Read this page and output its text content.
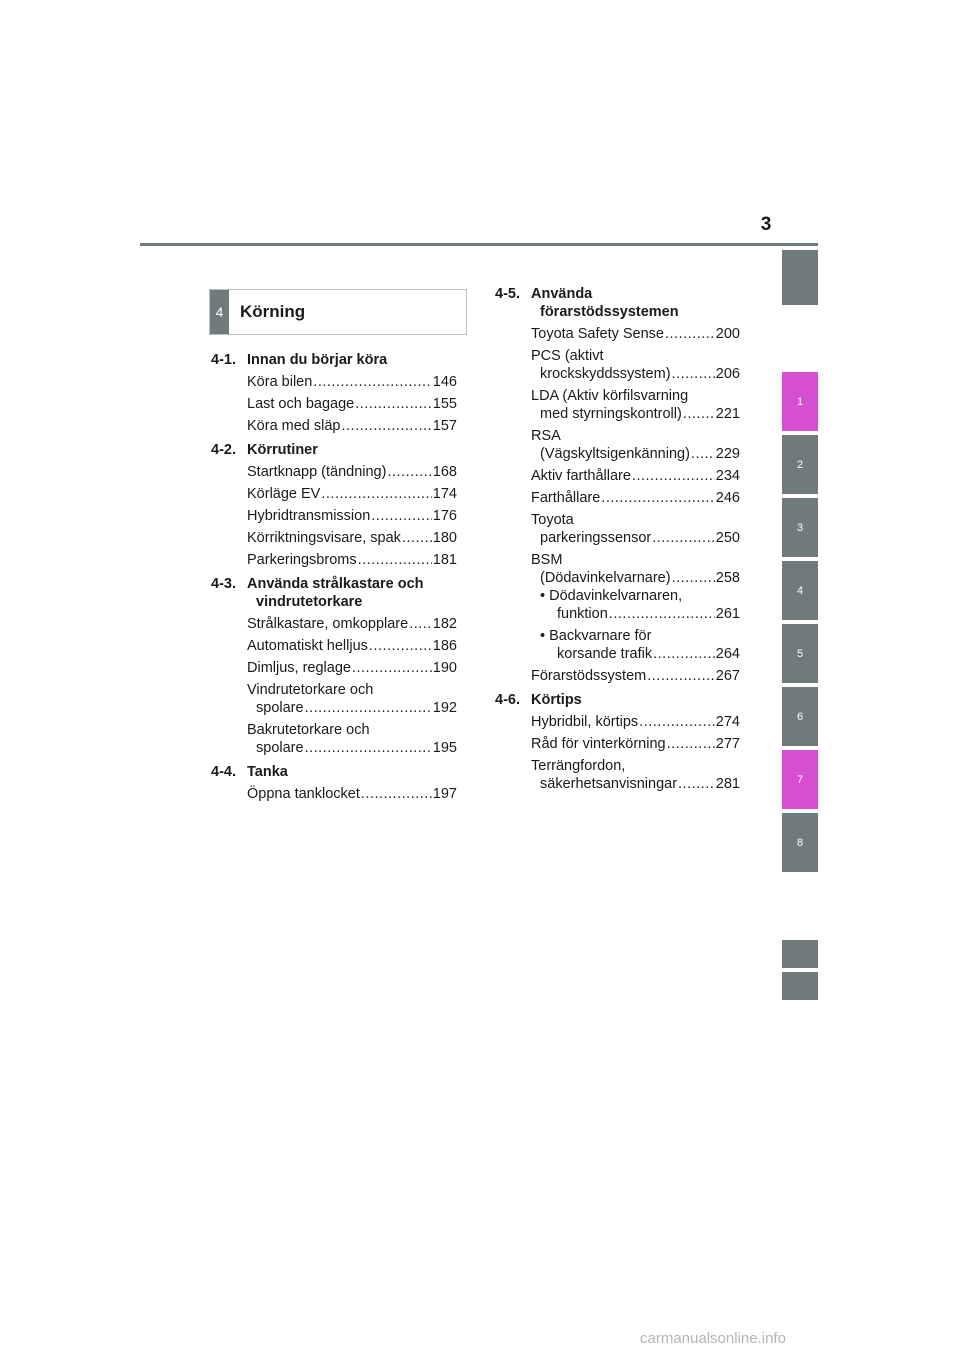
3
1
2
3
4
5
6
7
8
4 Körning
4-1. Innan du börjar köra
Köra bilen .....	146
Last och bagage .....	155
Köra med släp .....	157
4-2. Körrutiner
Startknapp (tändning) .....	168
Körläge EV .....	174
Hybridtransmission .....	176
Körriktningsvisare, spak ..... 180
Parkeringsbroms .....	181
4-3. Använda strålkastare och
vindrutetorkare
Strålkastare, omkopplare ..... 182
Automatiskt helljus .....	186
Dimljus, reglage .....	190
Vindrutetorkare och
spolare .....	192
Bakrutetorkare och
spolare .....	195
4-4. Tanka
Öppna tanklocket .....	197
4-5. Använda
förarstödssystemen
Toyota Safety Sense .....	200
PCS (aktivt
krockskyddssystem) .....	206
LDA (Aktiv körfilsvarning
med styrningskontroll) ..... 221
RSA
(Vägskyltsigenkänning) ..... 229
Aktiv farthållare .....	234
Farthållare .....	246
Toyota
parkeringssensor .....	250
BSM
(Dödavinkelvarnare) .....	258
• Dödavinkelvarnaren,
funktion .....	261
• Backvarnare för
korsande trafik .....	264
Förarstödssystem .....	267
4-6. Körtips
Hybridbil, körtips .....	274
Råd för vinterkörning .....	277
Terrängfordon,
säkerhetsanvisningar .....	281
carmanualsonline.info
